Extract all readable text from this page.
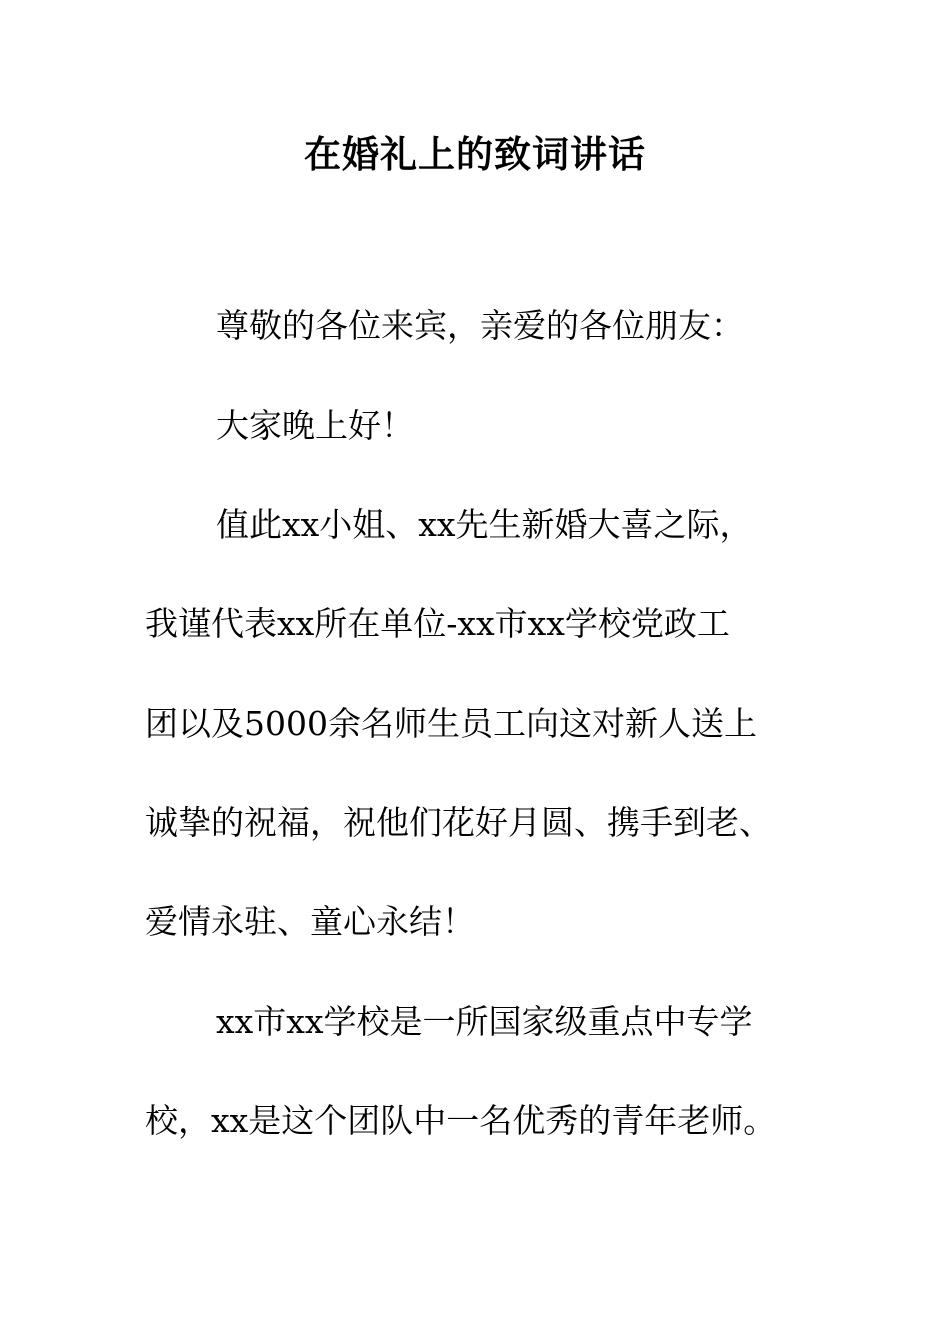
在婚礼上的致词讲话
尊敬的各位来宾，亲爱的各位朋友：
大家晚上好！
值此xx小姐、xx先生新婚大喜之际，
我谨代表xx所在单位-xx市xx学校党政工
团以及5000余名师生员工向这对新人送上
诚挚的祝福，祝他们花好月圆、携手到老、
爱情永驻、童心永结！
xx市xx学校是一所国家级重点中专学
校，xx是这个团队中一名优秀的青年老师。
